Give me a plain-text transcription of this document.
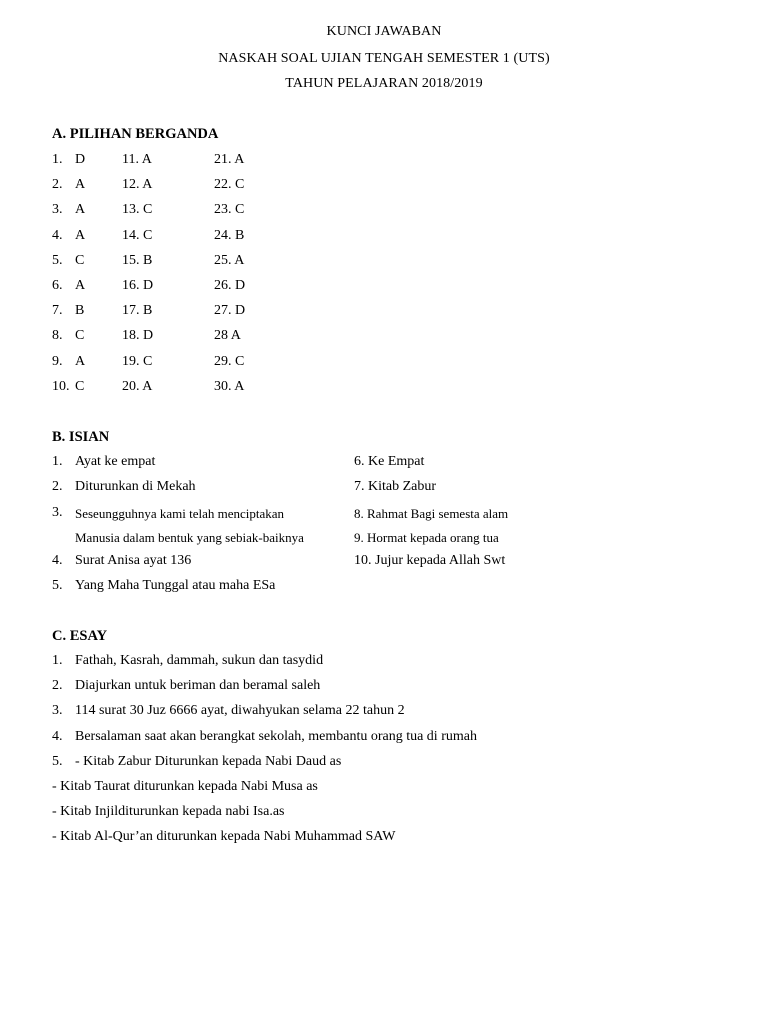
KUNCI JAWABAN
NASKAH SOAL UJIAN TENGAH SEMESTER 1 (UTS)
TAHUN PELAJARAN 2018/2019
A. PILIHAN BERGANDA
1. D
2. A
3. A
4. A
5. C
6. A
7. B
8. C
9. A
10. C
11. A
12. A
13. C
14. C
15. B
16. D
17. B
18. D
19. C
20. A
21. A
22. C
23. C
24. B
25. A
26. D
27. D
28 A
29. C
30. A
B. ISIAN
1. Ayat ke empat
2. Diturunkan di Mekah
3. Seseungguhnya kami telah menciptakan
Manusia dalam bentuk yang sebiak-baiknya
4. Surat Anisa ayat 136
5. Yang Maha Tunggal atau maha ESa
6. Ke Empat
7. Kitab Zabur
8. Rahmat Bagi semesta alam
9. Hormat kepada orang tua
10. Jujur kepada Allah Swt
C. ESAY
1. Fathah, Kasrah, dammah, sukun dan tasydid
2. Diajurkan untuk beriman dan beramal saleh
3. 114 surat 30 Juz 6666 ayat, diwahyukan selama 22 tahun 2
4. Bersalaman saat akan berangkat sekolah, membantu orang tua di rumah
5. - Kitab Zabur Diturunkan kepada Nabi Daud as
- Kitab Taurat diturunkan kepada Nabi Musa as
- Kitab Injilditurunkan kepada nabi Isa.as
- Kitab Al-Qur’an diturunkan kepada Nabi Muhammad SAW
